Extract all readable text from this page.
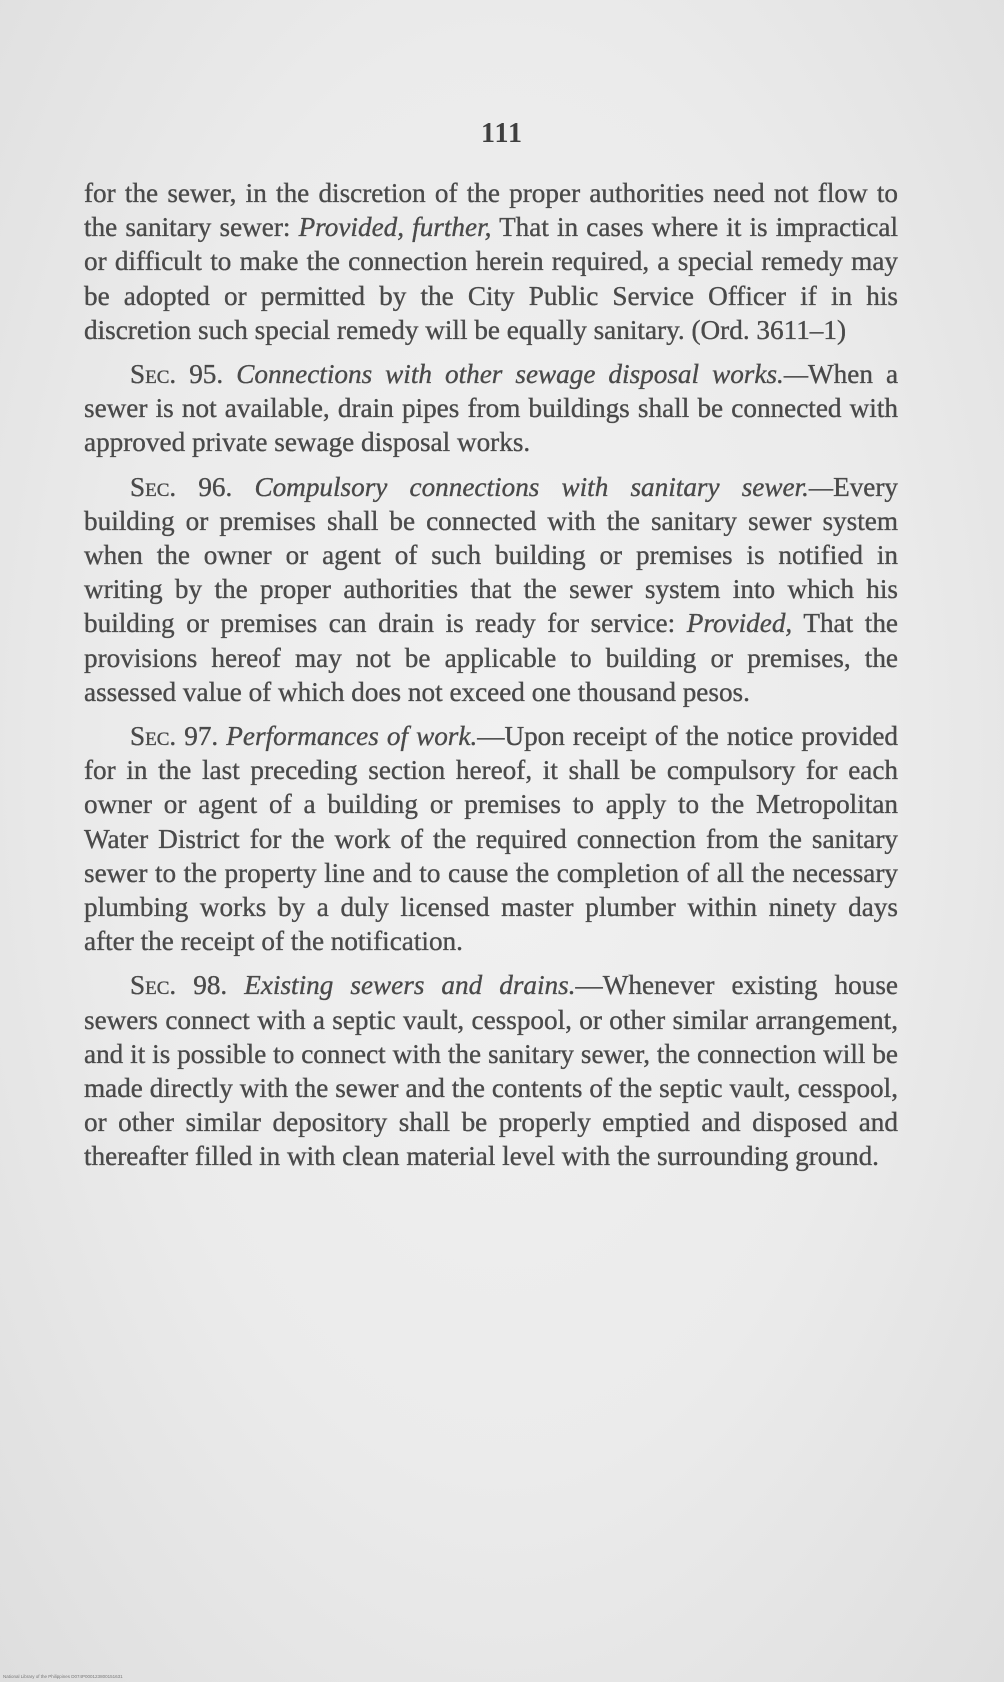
111

for the sewer, in the discretion of the proper authorities need not flow to the sanitary sewer: Provided, further, That in cases where it is impractical or difficult to make the connection herein required, a special remedy may be adopted or permitted by the City Public Service Officer if in his discretion such special remedy will be equally sanitary. (Ord. 3611–1)

Sec. 95. Connections with other sewage disposal works.—When a sewer is not available, drain pipes from buildings shall be connected with approved private sewage disposal works.

Sec. 96. Compulsory connections with sanitary sewer.—Every building or premises shall be connected with the sanitary sewer system when the owner or agent of such building or premises is notified in writing by the proper authorities that the sewer system into which his building or premises can drain is ready for service: Provided, That the provisions hereof may not be applicable to building or premises, the assessed value of which does not exceed one thousand pesos.

Sec. 97. Performances of work.—Upon receipt of the notice provided for in the last preceding section hereof, it shall be compulsory for each owner or agent of a building or premises to apply to the Metropolitan Water District for the work of the required connection from the sanitary sewer to the property line and to cause the completion of all the necessary plumbing works by a duly licensed master plumber within ninety days after the receipt of the notification.

Sec. 98. Existing sewers and drains.—Whenever existing house sewers connect with a septic vault, cesspool, or other similar arrangement, and it is possible to connect with the sanitary sewer, the connection will be made directly with the sewer and the contents of the septic vault, cesspool, or other similar depository shall be properly emptied and disposed and thereafter filled in with clean material level with the surrounding ground.

National Library of the Philippines D074P000123800151631
